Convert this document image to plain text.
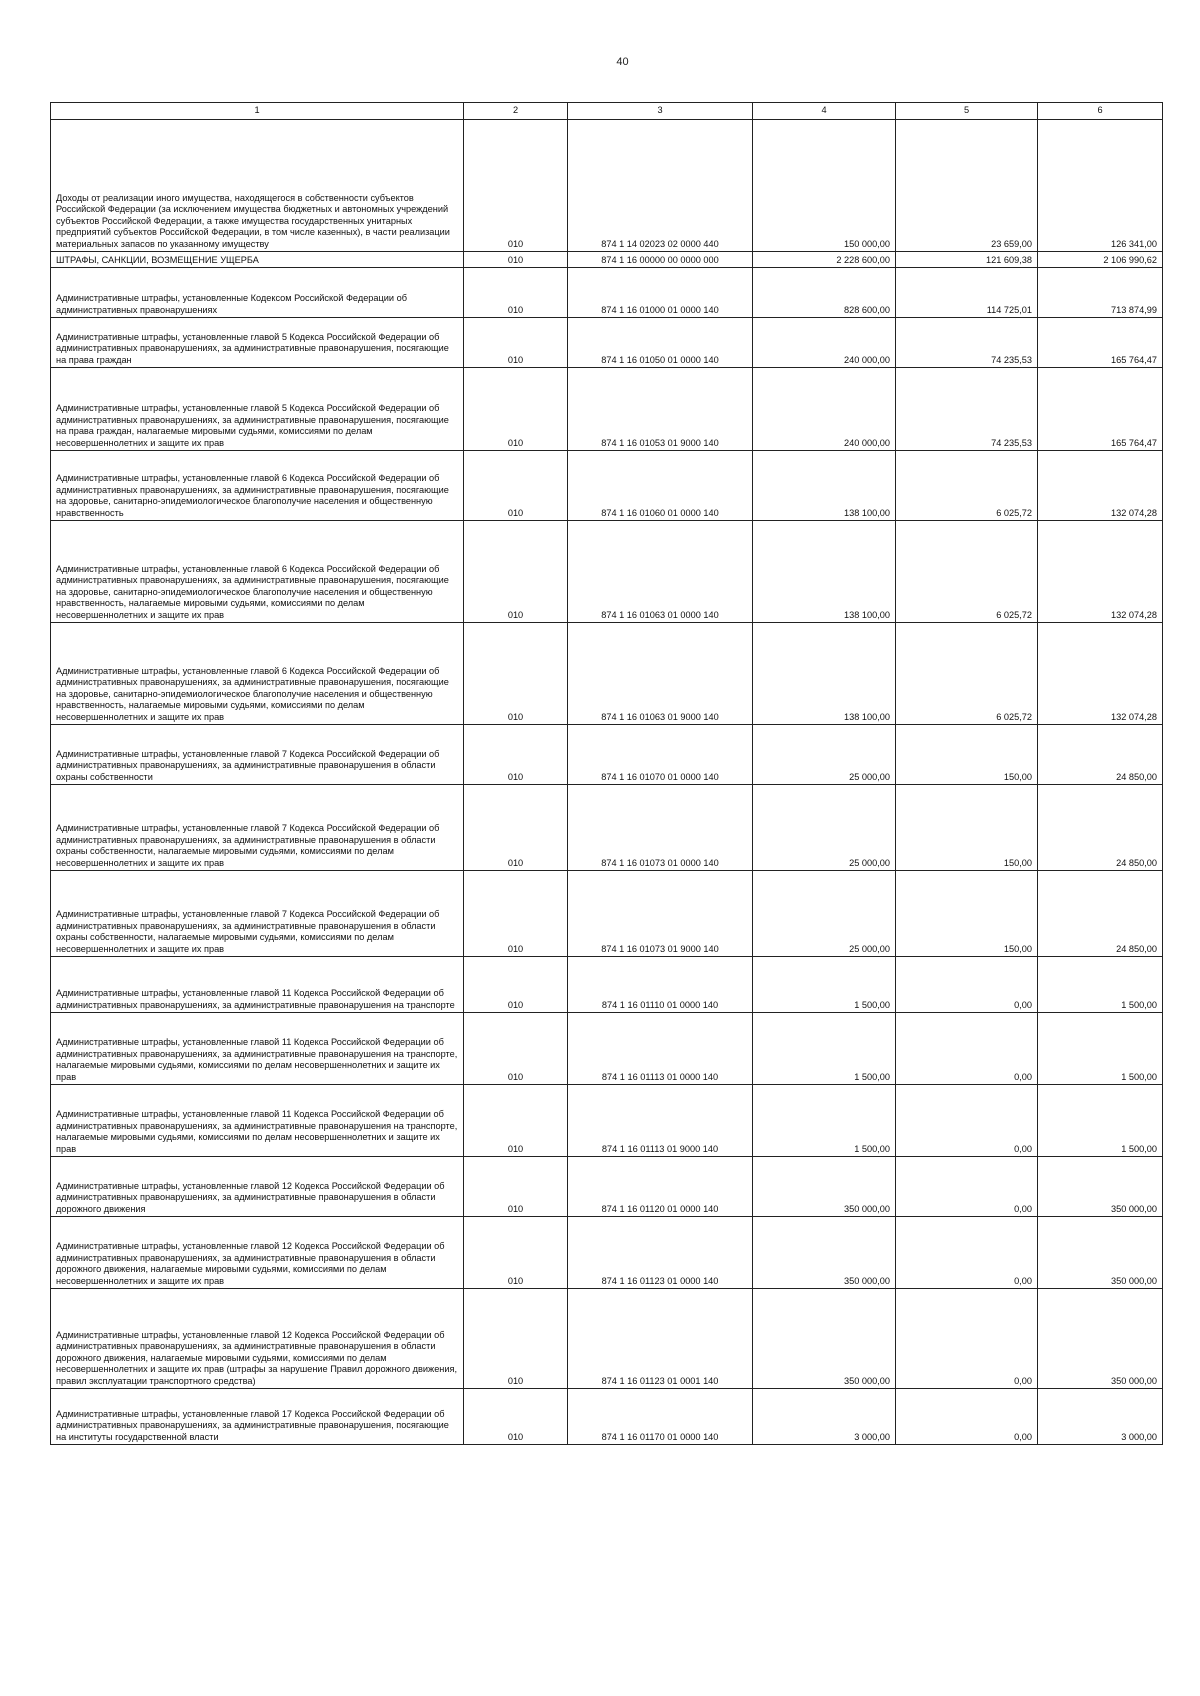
40
1	2	3	4	5	6
Доходы от реализации иного имущества, находящегося в собственности субъектов Российской Федерации (за исключением имущества бюджетных и автономных учреждений субъектов Российской Федерации, а также имущества государственных унитарных предприятий субъектов Российской Федерации, в том числе казенных), в части реализации материальных запасов по указанному имуществу	010	874 1 14 02023 02 0000 440	150 000,00	23 659,00	126 341,00
ШТРАФЫ, САНКЦИИ, ВОЗМЕЩЕНИЕ УЩЕРБА	010	874 1 16 00000 00 0000 000	2 228 600,00	121 609,38	2 106 990,62
Административные штрафы, установленные Кодексом Российской Федерации об административных правонарушениях	010	874 1 16 01000 01 0000 140	828 600,00	114 725,01	713 874,99
Административные штрафы, установленные главой 5 Кодекса Российской Федерации об административных правонарушениях, за административные правонарушения, посягающие на права граждан	010	874 1 16 01050 01 0000 140	240 000,00	74 235,53	165 764,47
Административные штрафы, установленные главой 5 Кодекса Российской Федерации об административных правонарушениях, за административные правонарушения, посягающие на права граждан, налагаемые мировыми судьями, комиссиями по делам несовершеннолетних и защите их прав	010	874 1 16 01053 01 9000 140	240 000,00	74 235,53	165 764,47
Административные штрафы, установленные главой 6 Кодекса Российской Федерации об административных правонарушениях, за административные правонарушения, посягающие на здоровье, санитарно-эпидемиологическое благополучие населения и общественную нравственность	010	874 1 16 01060 01 0000 140	138 100,00	6 025,72	132 074,28
Административные штрафы, установленные главой 6 Кодекса Российской Федерации об административных правонарушениях, за административные правонарушения, посягающие на здоровье, санитарно-эпидемиологическое благополучие населения и общественную нравственность, налагаемые мировыми судьями, комиссиями по делам несовершеннолетних и защите их прав	010	874 1 16 01063 01 0000 140	138 100,00	6 025,72	132 074,28
Административные штрафы, установленные главой 6 Кодекса Российской Федерации об административных правонарушениях, за административные правонарушения, посягающие на здоровье, санитарно-эпидемиологическое благополучие населения и общественную нравственность, налагаемые мировыми судьями, комиссиями по делам несовершеннолетних и защите их прав	010	874 1 16 01063 01 9000 140	138 100,00	6 025,72	132 074,28
Административные штрафы, установленные главой 7 Кодекса Российской Федерации об административных правонарушениях, за административные правонарушения в области охраны собственности	010	874 1 16 01070 01 0000 140	25 000,00	150,00	24 850,00
Административные штрафы, установленные главой 7 Кодекса Российской Федерации об административных правонарушениях, за административные правонарушения в области охраны собственности, налагаемые мировыми судьями, комиссиями по делам несовершеннолетних и защите их прав	010	874 1 16 01073 01 0000 140	25 000,00	150,00	24 850,00
Административные штрафы, установленные главой 7 Кодекса Российской Федерации об административных правонарушениях, за административные правонарушения в области охраны собственности, налагаемые мировыми судьями, комиссиями по делам несовершеннолетних и защите их прав	010	874 1 16 01073 01 9000 140	25 000,00	150,00	24 850,00
Административные штрафы, установленные главой 11 Кодекса Российской Федерации об административных правонарушениях, за административные правонарушения на транспорте	010	874 1 16 01110 01 0000 140	1 500,00	0,00	1 500,00
Административные штрафы, установленные главой 11 Кодекса Российской Федерации об административных правонарушениях, за административные правонарушения на транспорте, налагаемые мировыми судьями, комиссиями по делам несовершеннолетних и защите их прав	010	874 1 16 01113 01 0000 140	1 500,00	0,00	1 500,00
Административные штрафы, установленные главой 11 Кодекса Российской Федерации об административных правонарушениях, за административные правонарушения на транспорте, налагаемые мировыми судьями, комиссиями по делам несовершеннолетних и защите их прав	010	874 1 16 01113 01 9000 140	1 500,00	0,00	1 500,00
Административные штрафы, установленные главой 12 Кодекса Российской Федерации об административных правонарушениях, за административные правонарушения в области дорожного движения	010	874 1 16 01120 01 0000 140	350 000,00	0,00	350 000,00
Административные штрафы, установленные главой 12 Кодекса Российской Федерации об административных правонарушениях, за административные правонарушения в области дорожного движения, налагаемые мировыми судьями, комиссиями по делам несовершеннолетних и защите их прав	010	874 1 16 01123 01 0000 140	350 000,00	0,00	350 000,00
Административные штрафы, установленные главой 12 Кодекса Российской Федерации об административных правонарушениях, за административные правонарушения в области дорожного движения, налагаемые мировыми судьями, комиссиями по делам несовершеннолетних и защите их прав (штрафы за нарушение Правил дорожного движения, правил эксплуатации транспортного средства)	010	874 1 16 01123 01 0001 140	350 000,00	0,00	350 000,00
Административные штрафы, установленные главой 17 Кодекса Российской Федерации об административных правонарушениях, за административные правонарушения, посягающие на институты государственной власти	010	874 1 16 01170 01 0000 140	3 000,00	0,00	3 000,00
